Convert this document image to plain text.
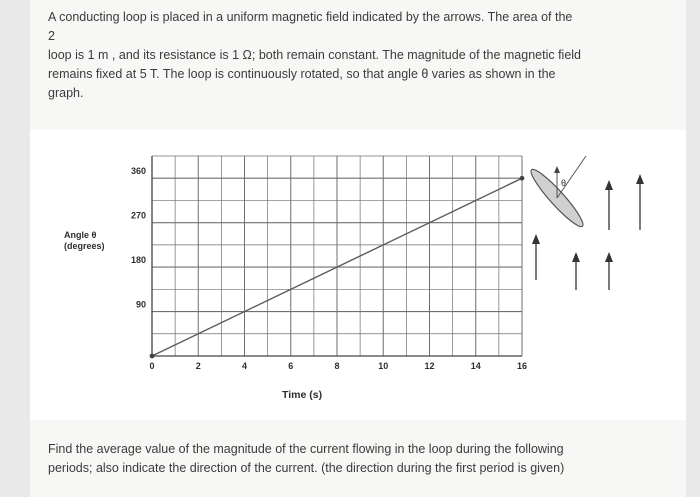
A conducting loop is placed in a uniform magnetic field indicated by the arrows. The area of the

2

loop is 1 m , and its resistance is 1 Ω; both remain constant. The magnitude of the magnetic field

remains fixed at 5 T. The loop is continuously rotated, so that angle θ varies as shown in the

graph.

0	2	4	6	8	10	12	14	16
90
180
270
360
Angle θ
(degrees)
Time (s)
θ

Find the average value of the magnitude of the current flowing in the loop during the following

periods; also indicate the direction of the current. (the direction during the first period is given)
